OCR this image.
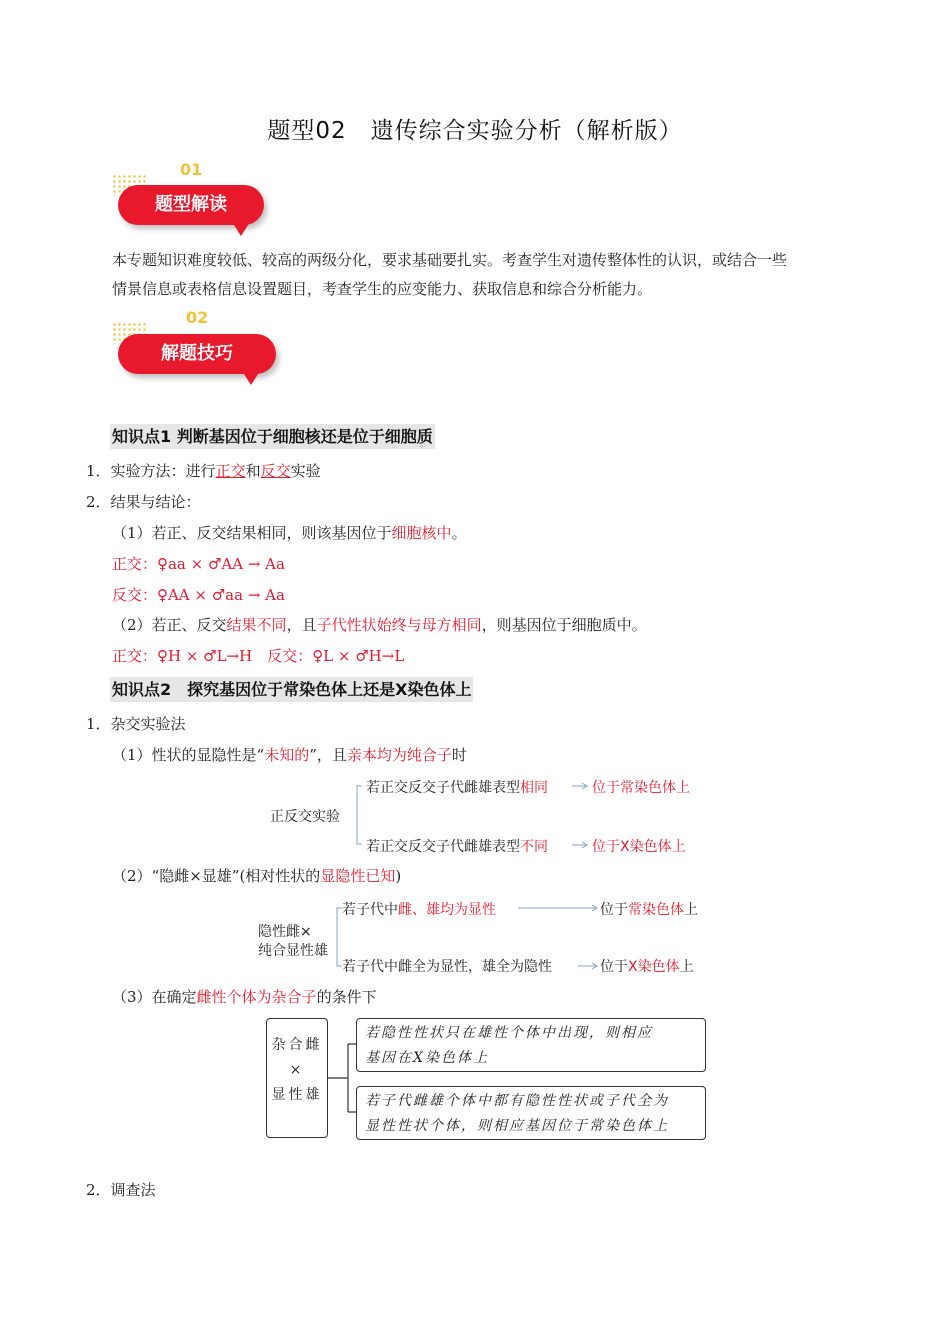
题型02　遗传综合实验分析（解析版）
01
题型解读
本专题知识难度较低、较高的两级分化，要求基础要扎实。考查学生对遗传整体性的认识，或结合一些
情景信息或表格信息设置题目，考查学生的应变能力、获取信息和综合分析能力。
02
解题技巧
知识点1 判断基因位于细胞核还是位于细胞质
1．实验方法：进行正交和反交实验
2．结果与结论：
（1）若正、反交结果相同，则该基因位于细胞核中。
正交：♀aa × ♂AA → Aa
反交：♀AA × ♂aa → Aa
（2）若正、反交结果不同，且子代性状始终与母方相同，则基因位于细胞质中。
正交：♀H × ♂L→H　反交：♀L × ♂H→L
知识点2　探究基因位于常染色体上还是X染色体上
1．杂交实验法
（1）性状的显隐性是“未知的”，且亲本均为纯合子时
正反交实验
若正交反交子代雌雄表型相同	位于常染色体上
若正交反交子代雌雄表型不同	位于X染色体上
（2）“隐雌×显雄”(相对性状的显隐性已知)
隐性雌×
纯合显性雄
若子代中雌、雄均为显性	位于常染色体上
若子代中雌全为显性，雄全为隐性	位于X染色体上
（3）在确定雌性个体为杂合子的条件下
杂合雌
×
显性雄
若隐性性状只在雄性个体中出现，则相应
基因在X染色体上
若子代雌雄个体中都有隐性性状或子代全为
显性性状个体，则相应基因位于常染色体上
2．调查法
